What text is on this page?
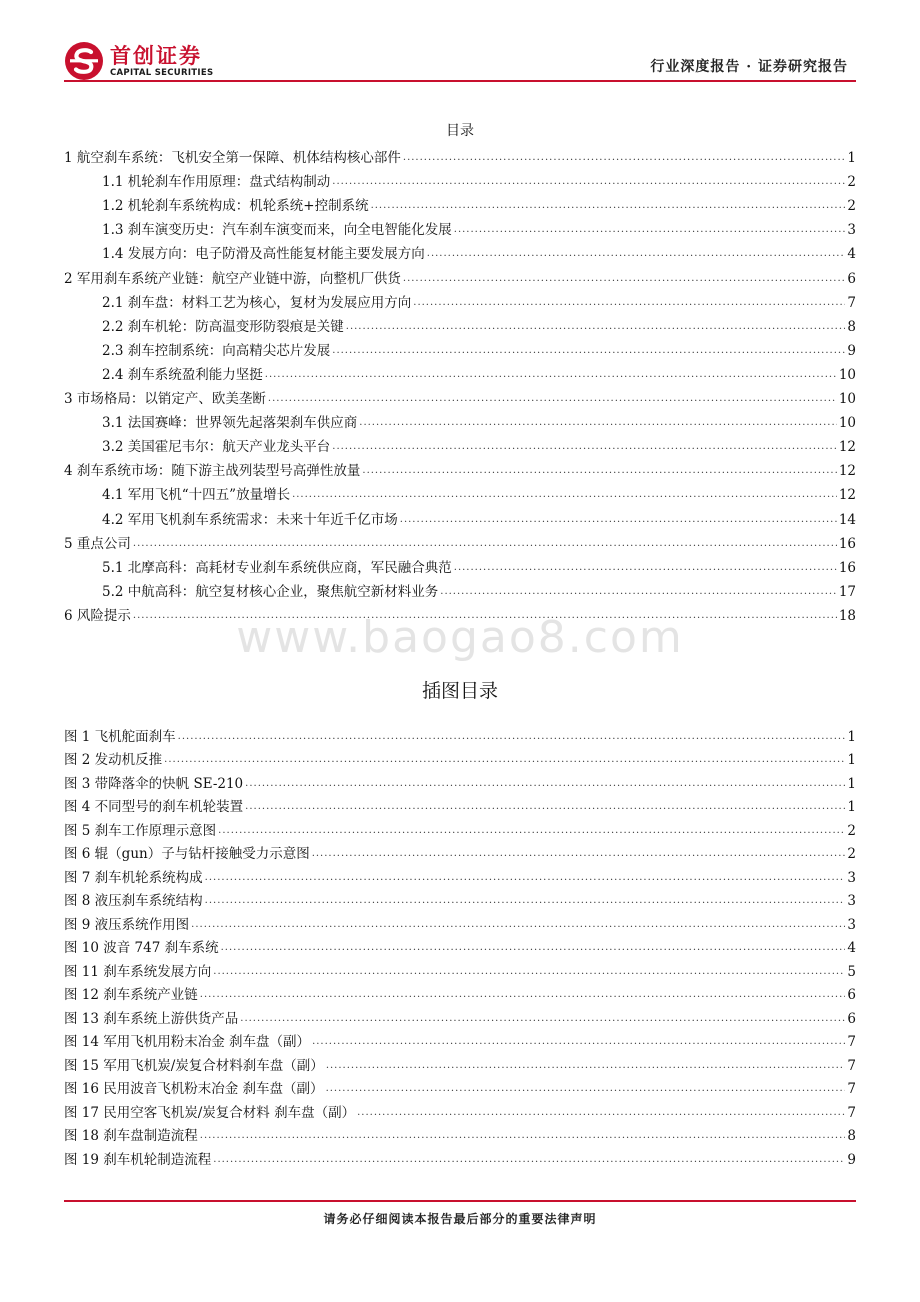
首创证券
CAPITAL SECURITIES	行业深度报告 · 证券研究报告
目录
1 航空刹车系统：飞机安全第一保障、机体结构核心部件 .....	1
1.1 机轮刹车作用原理：盘式结构制动 .....	2
1.2 机轮刹车系统构成：机轮系统+控制系统 .....	2
1.3 刹车演变历史：汽车刹车演变而来，向全电智能化发展 .....	3
1.4 发展方向：电子防滑及高性能复材能主要发展方向 .....	4
2 军用刹车系统产业链：航空产业链中游，向整机厂供货 .....	6
2.1 刹车盘：材料工艺为核心，复材为发展应用方向 .....	7
2.2 刹车机轮：防高温变形防裂痕是关键 .....	8
2.3 刹车控制系统：向高精尖芯片发展 .....	9
2.4 刹车系统盈利能力坚挺 .....	10
3 市场格局：以销定产、欧美垄断 .....	10
3.1 法国赛峰：世界领先起落架刹车供应商 .....	10
3.2 美国霍尼韦尔：航天产业龙头平台 .....	12
4 刹车系统市场：随下游主战列装型号高弹性放量 .....	12
4.1 军用飞机“十四五”放量增长 .....	12
4.2 军用飞机刹车系统需求：未来十年近千亿市场 .....	14
5 重点公司 .....	16
5.1 北摩高科：高耗材专业刹车系统供应商，军民融合典范 .....	16
5.2 中航高科：航空复材核心企业，聚焦航空新材料业务 .....	17
6 风险提示 .....	18
www.baogao8.com
插图目录
图 1 飞机舵面刹车 .....	1
图 2 发动机反推 .....	1
图 3 带降落伞的快帆 SE-210 .....	1
图 4 不同型号的刹车机轮装置 .....	1
图 5 刹车工作原理示意图 .....	2
图 6 辊（gun）子与钻杆接触受力示意图 .....	2
图 7 刹车机轮系统构成 .....	3
图 8 液压刹车系统结构 .....	3
图 9 液压系统作用图 .....	3
图 10 波音 747 刹车系统 .....	4
图 11 刹车系统发展方向 .....	5
图 12 刹车系统产业链 .....	6
图 13 刹车系统上游供货产品 .....	6
图 14 军用飞机用粉末冶金 刹车盘（副） .....	7
图 15 军用飞机炭/炭复合材料刹车盘（副） .....	7
图 16 民用波音飞机粉末冶金 刹车盘（副） .....	7
图 17 民用空客飞机炭/炭复合材料 刹车盘（副） .....	7
图 18 刹车盘制造流程 .....	8
图 19 刹车机轮制造流程 .....	9
请务必仔细阅读本报告最后部分的重要法律声明
